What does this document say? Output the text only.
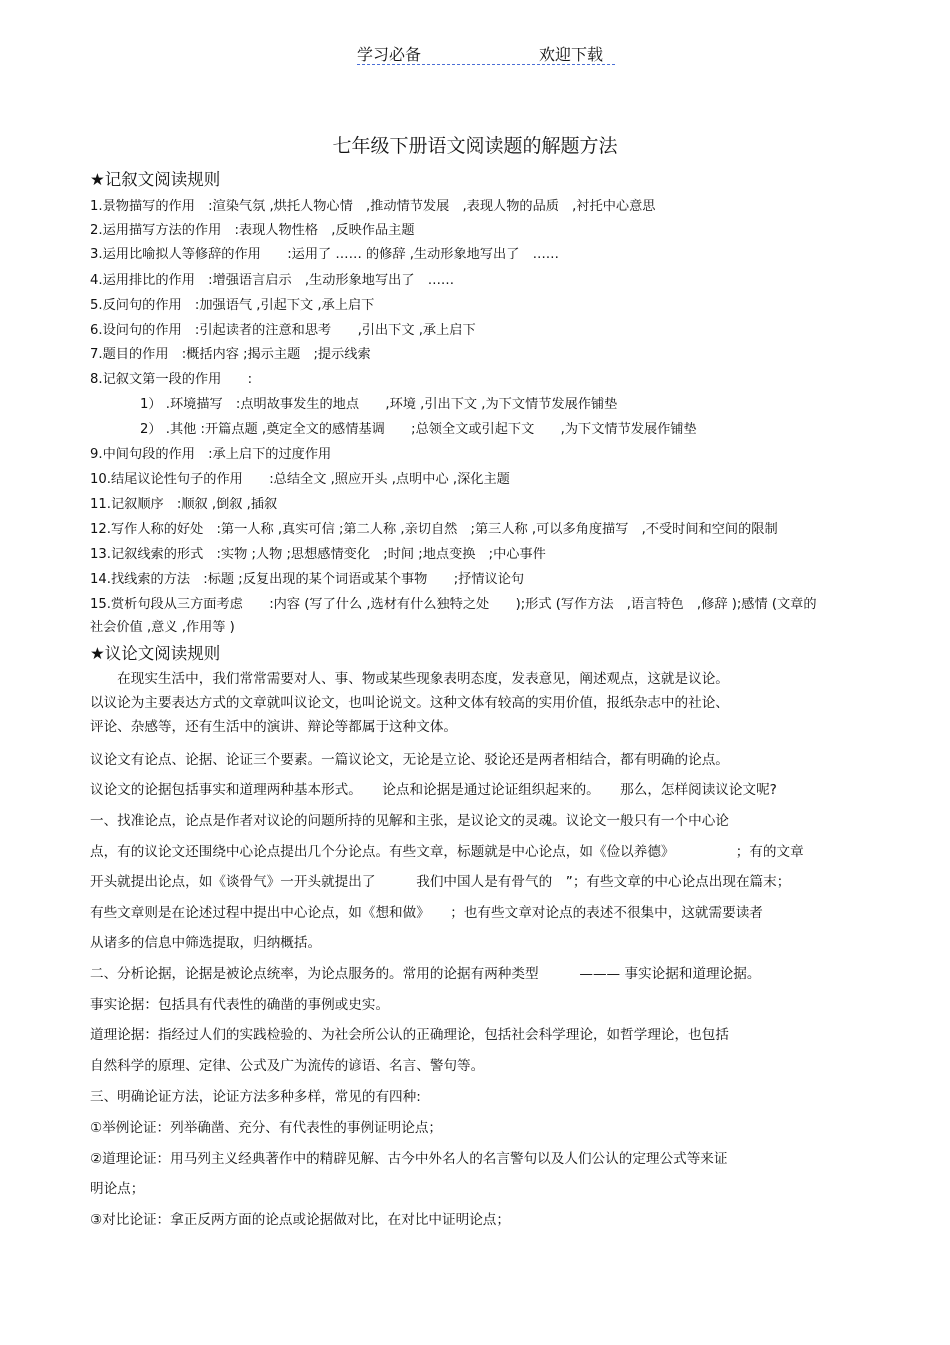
学习必备	欢迎下载
七年级下册语文阅读题的解题方法
★记叙文阅读规则
1.景物描写的作用　:渲染气氛 ,烘托人物心情　,推动情节发展　,表现人物的品质　,衬托中心意思
2.运用描写方法的作用　:表现人物性格　,反映作品主题
3.运用比喻拟人等修辞的作用　　:运用了 …… 的修辞 ,生动形象地写出了　……
4.运用排比的作用　:增强语言启示　,生动形象地写出了　……
5.反问句的作用　:加强语气 ,引起下文 ,承上启下
6.设问句的作用　:引起读者的注意和思考　　,引出下文 ,承上启下
7.题目的作用　:概括内容 ;揭示主题　;提示线索
8.记叙文第一段的作用　　:
1） .环境描写　:点明故事发生的地点　　,环境 ,引出下文 ,为下文情节发展作铺垫
2） .其他 :开篇点题 ,奠定全文的感情基调　　;总领全文或引起下文　　,为下文情节发展作铺垫
9.中间句段的作用　:承上启下的过度作用
10.结尾议论性句子的作用　　:总结全文 ,照应开头 ,点明中心 ,深化主题
11.记叙顺序　:顺叙 ,倒叙 ,插叙
12.写作人称的好处　:第一人称 ,真实可信 ;第二人称 ,亲切自然　;第三人称 ,可以多角度描写　,不受时间和空间的限制
13.记叙线索的形式　:实物 ;人物 ;思想感情变化　;时间 ;地点变换　;中心事件
14.找线索的方法　:标题 ;反复出现的某个词语或某个事物　　;抒情议论句
15.赏析句段从三方面考虑　　:内容 (写了什么 ,选材有什么独特之处　　);形式 (写作方法　,语言特色　,修辞 );感情 (文章的
社会价值 ,意义 ,作用等 )
★议论文阅读规则
　　在现实生活中，我们常常需要对人、事、物或某些现象表明态度，发表意见，阐述观点，这就是议论。
以议论为主要表达方式的文章就叫议论文，也叫论说文。这种文体有较高的实用价值，报纸杂志中的社论、
评论、杂感等，还有生活中的演讲、辩论等都属于这种文体。
议论文有论点、论据、论证三个要素。一篇议论文，无论是立论、驳论还是两者相结合，都有明确的论点。
议论文的论据包括事实和道理两种基本形式。　　论点和论据是通过论证组织起来的。　　那么，怎样阅读议论文呢?
一、找准论点，论点是作者对议论的问题所持的见解和主张，是议论文的灵魂。议论文一般只有一个中心论
点，有的议论文还围绕中心论点提出几个分论点。有些文章，标题就是中心论点，如《俭以养德》　　　　　；有的文章
开头就提出论点，如《谈骨气》一开头就提出了　　　我们中国人是有骨气的　”；有些文章的中心论点出现在篇末；
有些文章则是在论述过程中提出中心论点，如《想和做》　　；也有些文章对论点的表述不很集中，这就需要读者
从诸多的信息中筛选提取，归纳概括。
二、分析论据，论据是被论点统率，为论点服务的。常用的论据有两种类型　　　——— 事实论据和道理论据。
事实论据：包括具有代表性的确凿的事例或史实。
道理论据：指经过人们的实践检验的、为社会所公认的正确理论，包括社会科学理论，如哲学理论，也包括
自然科学的原理、定律、公式及广为流传的谚语、名言、警句等。
三、明确论证方法，论证方法多种多样，常见的有四种:
①举例论证：列举确凿、充分、有代表性的事例证明论点；
②道理论证：用马列主义经典著作中的精辟见解、古今中外名人的名言警句以及人们公认的定理公式等来证
明论点；
③对比论证：拿正反两方面的论点或论据做对比，在对比中证明论点；
